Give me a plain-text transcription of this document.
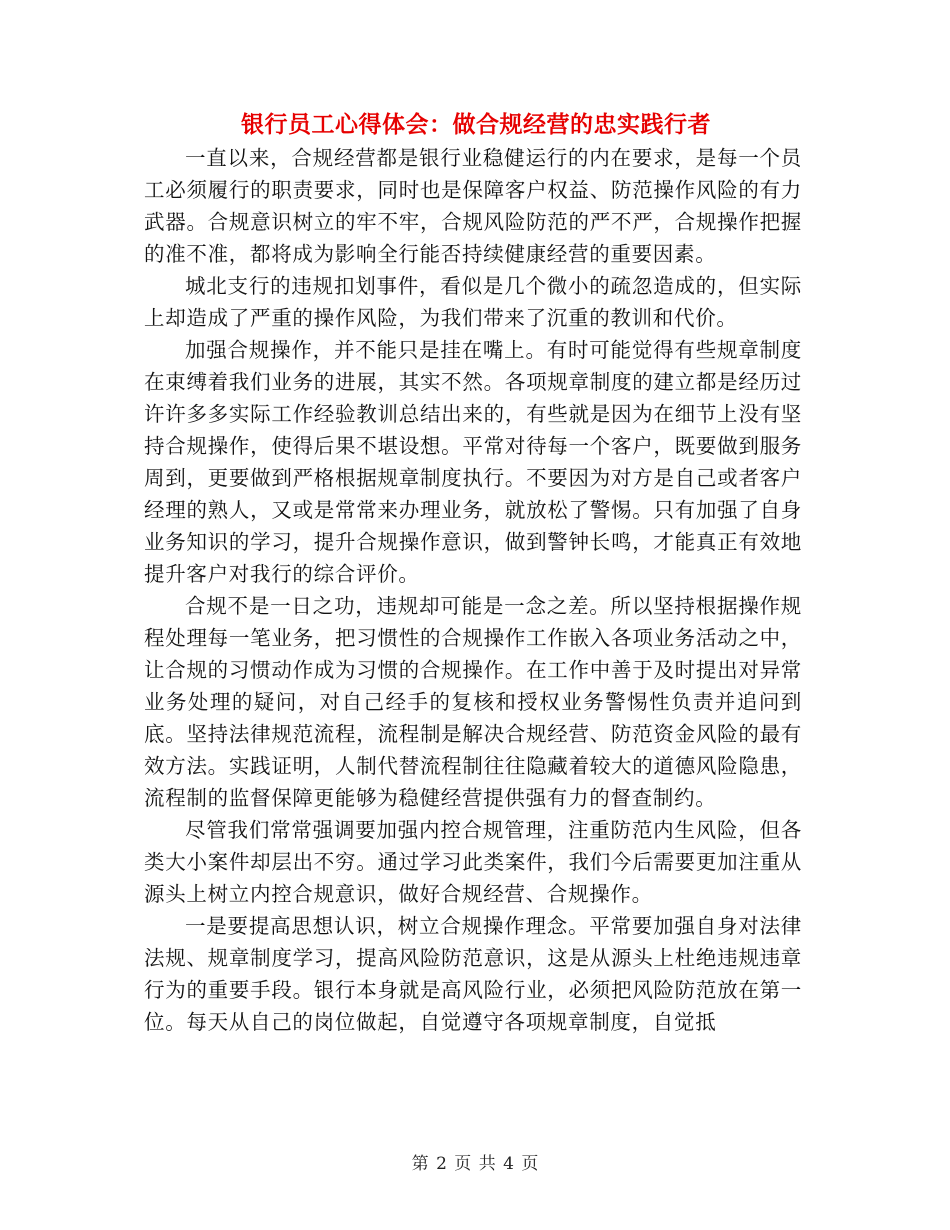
银行员工心得体会：做合规经营的忠实践行者

一直以来，合规经营都是银行业稳健运行的内在要求，是每一个员工必须履行的职责要求，同时也是保障客户权益、防范操作风险的有力武器。合规意识树立的牢不牢，合规风险防范的严不严，合规操作把握的准不准，都将成为影响全行能否持续健康经营的重要因素。

城北支行的违规扣划事件，看似是几个微小的疏忽造成的，但实际上却造成了严重的操作风险，为我们带来了沉重的教训和代价。

加强合规操作，并不能只是挂在嘴上。有时可能觉得有些规章制度在束缚着我们业务的进展，其实不然。各项规章制度的建立都是经历过许许多多实际工作经验教训总结出来的，有些就是因为在细节上没有坚持合规操作，使得后果不堪设想。平常对待每一个客户，既要做到服务周到，更要做到严格根据规章制度执行。不要因为对方是自己或者客户经理的熟人，又或是常常来办理业务，就放松了警惕。只有加强了自身业务知识的学习，提升合规操作意识，做到警钟长鸣，才能真正有效地提升客户对我行的综合评价。

合规不是一日之功，违规却可能是一念之差。所以坚持根据操作规程处理每一笔业务，把习惯性的合规操作工作嵌入各项业务活动之中，让合规的习惯动作成为习惯的合规操作。在工作中善于及时提出对异常业务处理的疑问，对自己经手的复核和授权业务警惕性负责并追问到底。坚持法律规范流程，流程制是解决合规经营、防范资金风险的最有效方法。实践证明，人制代替流程制往往隐藏着较大的道德风险隐患，流程制的监督保障更能够为稳健经营提供强有力的督查制约。

尽管我们常常强调要加强内控合规管理，注重防范内生风险，但各类大小案件却层出不穷。通过学习此类案件，我们今后需要更加注重从源头上树立内控合规意识，做好合规经营、合规操作。

一是要提高思想认识，树立合规操作理念。平常要加强自身对法律法规、规章制度学习，提高风险防范意识，这是从源头上杜绝违规违章行为的重要手段。银行本身就是高风险行业，必须把风险防范放在第一位。每天从自己的岗位做起，自觉遵守各项规章制度，自觉抵

第 2 页 共 4 页
